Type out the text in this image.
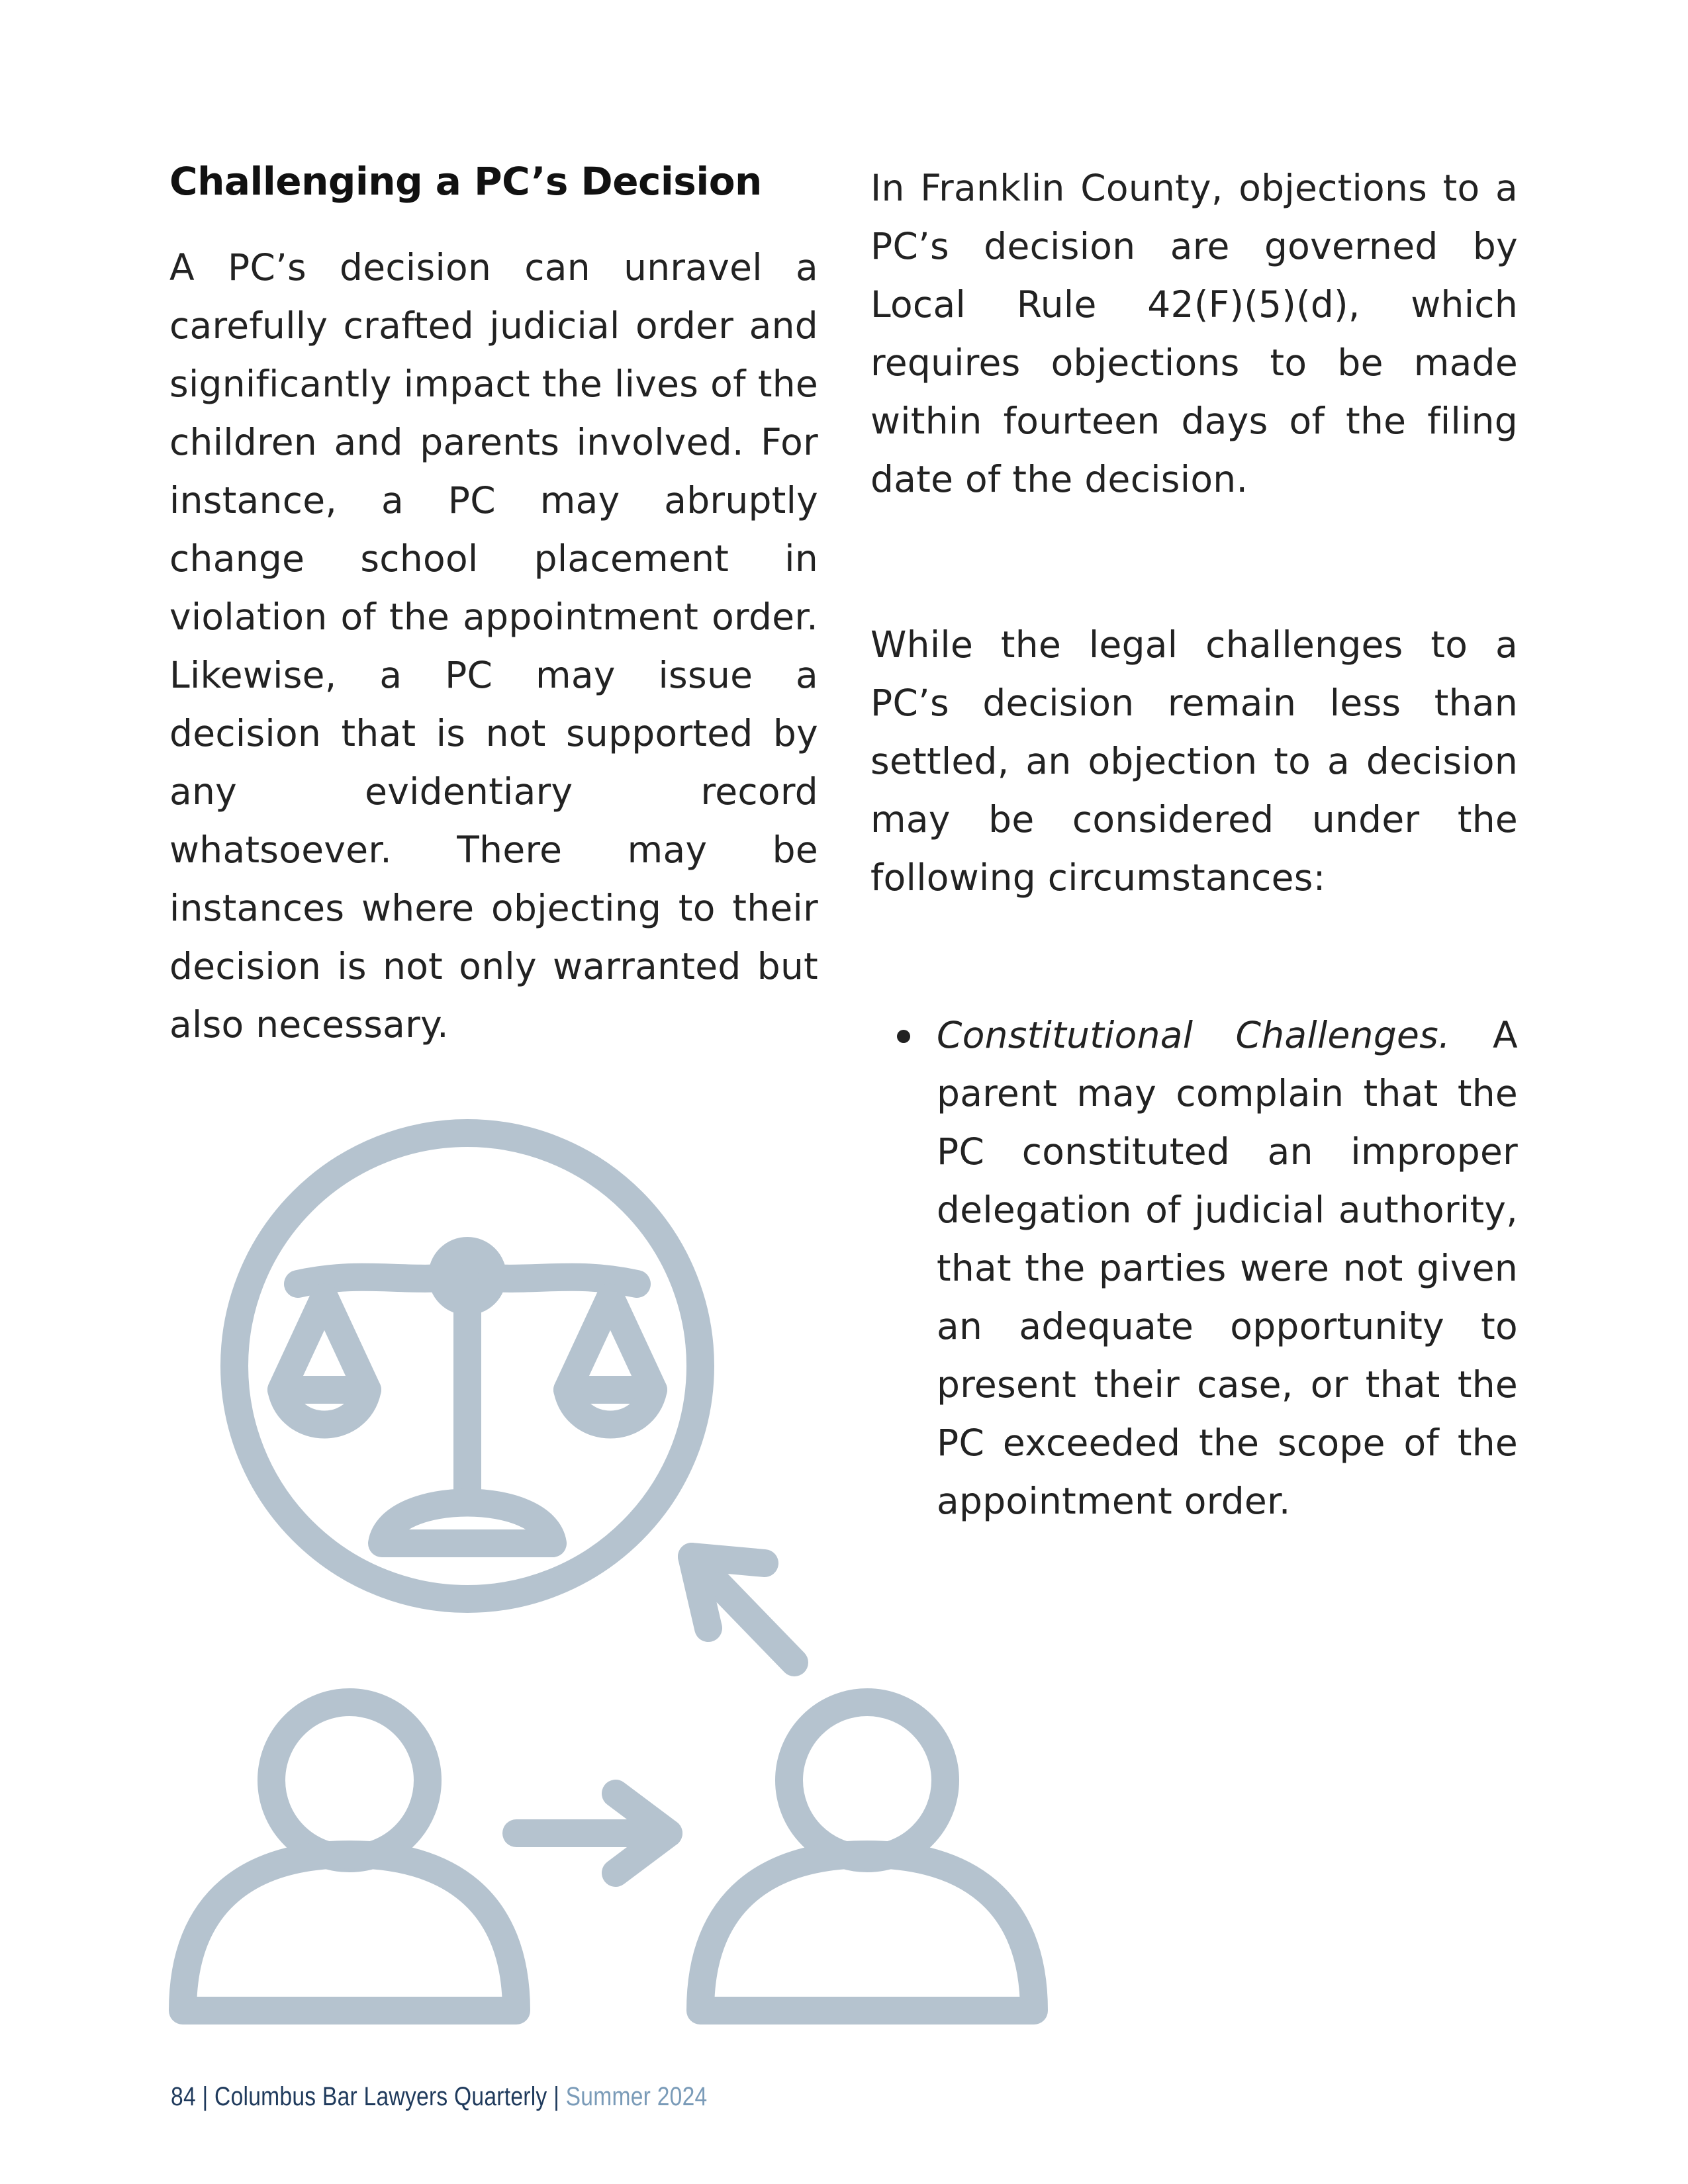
Challenging a PC’s Decision

A PC’s decision can unravel a carefully crafted judicial order and significantly impact the lives of the children and parents involved. For instance, a PC may abruptly change school placement in violation of the appointment order. Likewise, a PC may issue a decision that is not supported by any evidentiary record whatsoever. There may be instances where objecting to their decision is not only warranted but also necessary.

In Franklin County, objections to a PC’s decision are governed by Local Rule 42(F)(5)(d), which requires objections to be made within fourteen days of the filing date of the decision.

While the legal challenges to a PC’s decision remain less than settled, an objection to a decision may be considered under the following circumstances:

Constitutional Challenges. A parent may complain that the PC constituted an improper delegation of judicial authority, that the parties were not given an adequate opportunity to present their case, or that the PC exceeded the scope of the appointment order.
84 | Columbus Bar Lawyers Quarterly | Summer 2024
